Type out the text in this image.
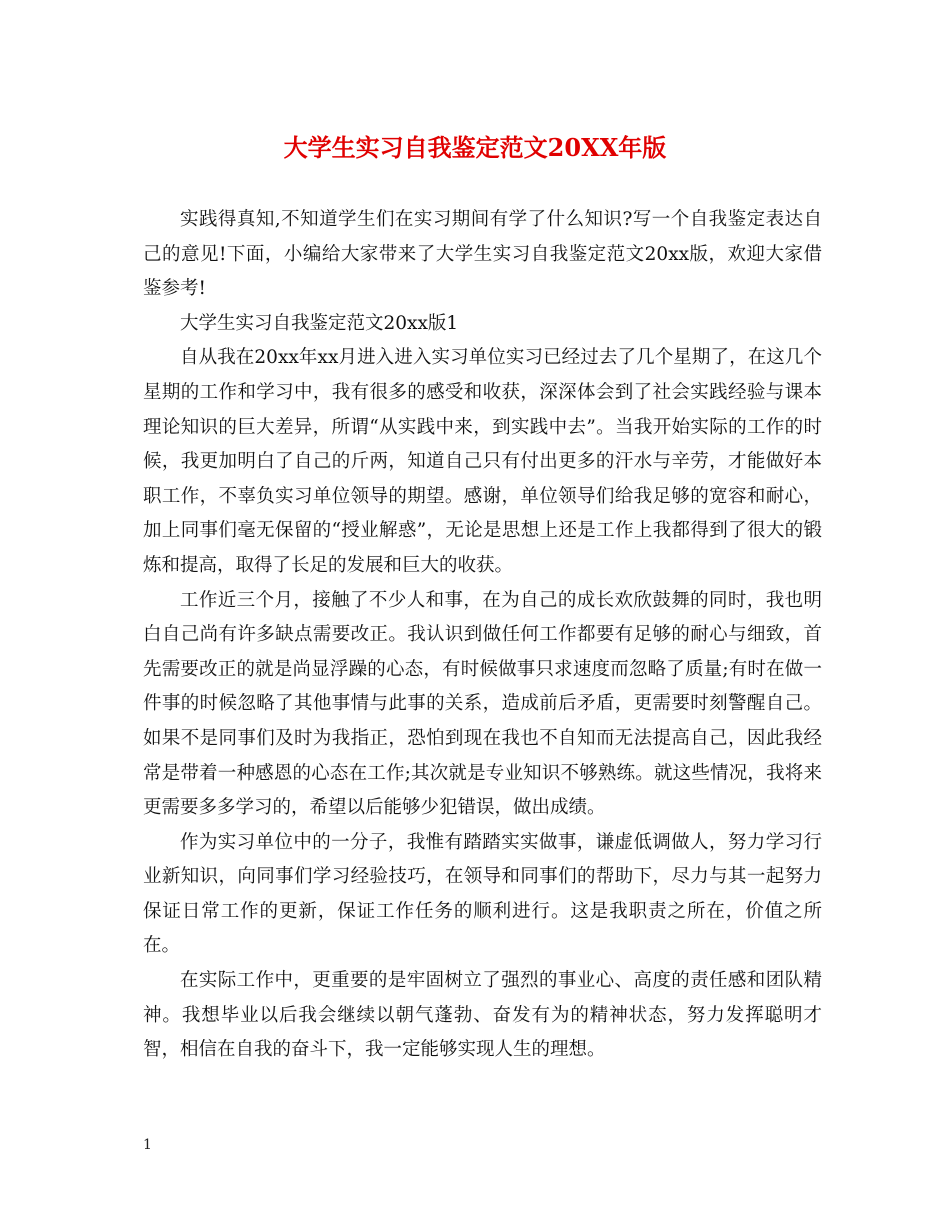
大学生实习自我鉴定范文20XX年版

实践得真知,不知道学生们在实习期间有学了什么知识?写一个自我鉴定表达自己的意见!下面，小编给大家带来了大学生实习自我鉴定范文20xx版，欢迎大家借鉴参考!

大学生实习自我鉴定范文20xx版1

自从我在20xx年xx月进入进入实习单位实习已经过去了几个星期了，在这几个星期的工作和学习中，我有很多的感受和收获，深深体会到了社会实践经验与课本理论知识的巨大差异，所谓“从实践中来，到实践中去”。当我开始实际的工作的时候，我更加明白了自己的斤两，知道自己只有付出更多的汗水与辛劳，才能做好本职工作，不辜负实习单位领导的期望。感谢，单位领导们给我足够的宽容和耐心，加上同事们毫无保留的“授业解惑”，无论是思想上还是工作上我都得到了很大的锻炼和提高，取得了长足的发展和巨大的收获。

工作近三个月，接触了不少人和事，在为自己的成长欢欣鼓舞的同时，我也明白自己尚有许多缺点需要改正。我认识到做任何工作都要有足够的耐心与细致，首先需要改正的就是尚显浮躁的心态，有时候做事只求速度而忽略了质量;有时在做一件事的时候忽略了其他事情与此事的关系，造成前后矛盾，更需要时刻警醒自己。如果不是同事们及时为我指正，恐怕到现在我也不自知而无法提高自己，因此我经常是带着一种感恩的心态在工作;其次就是专业知识不够熟练。就这些情况，我将来更需要多多学习的，希望以后能够少犯错误，做出成绩。

作为实习单位中的一分子，我惟有踏踏实实做事，谦虚低调做人，努力学习行业新知识，向同事们学习经验技巧，在领导和同事们的帮助下，尽力与其一起努力保证日常工作的更新，保证工作任务的顺利进行。这是我职责之所在，价值之所在。

在实际工作中，更重要的是牢固树立了强烈的事业心、高度的责任感和团队精神。我想毕业以后我会继续以朝气蓬勃、奋发有为的精神状态，努力发挥聪明才智，相信在自我的奋斗下，我一定能够实现人生的理想。

1
